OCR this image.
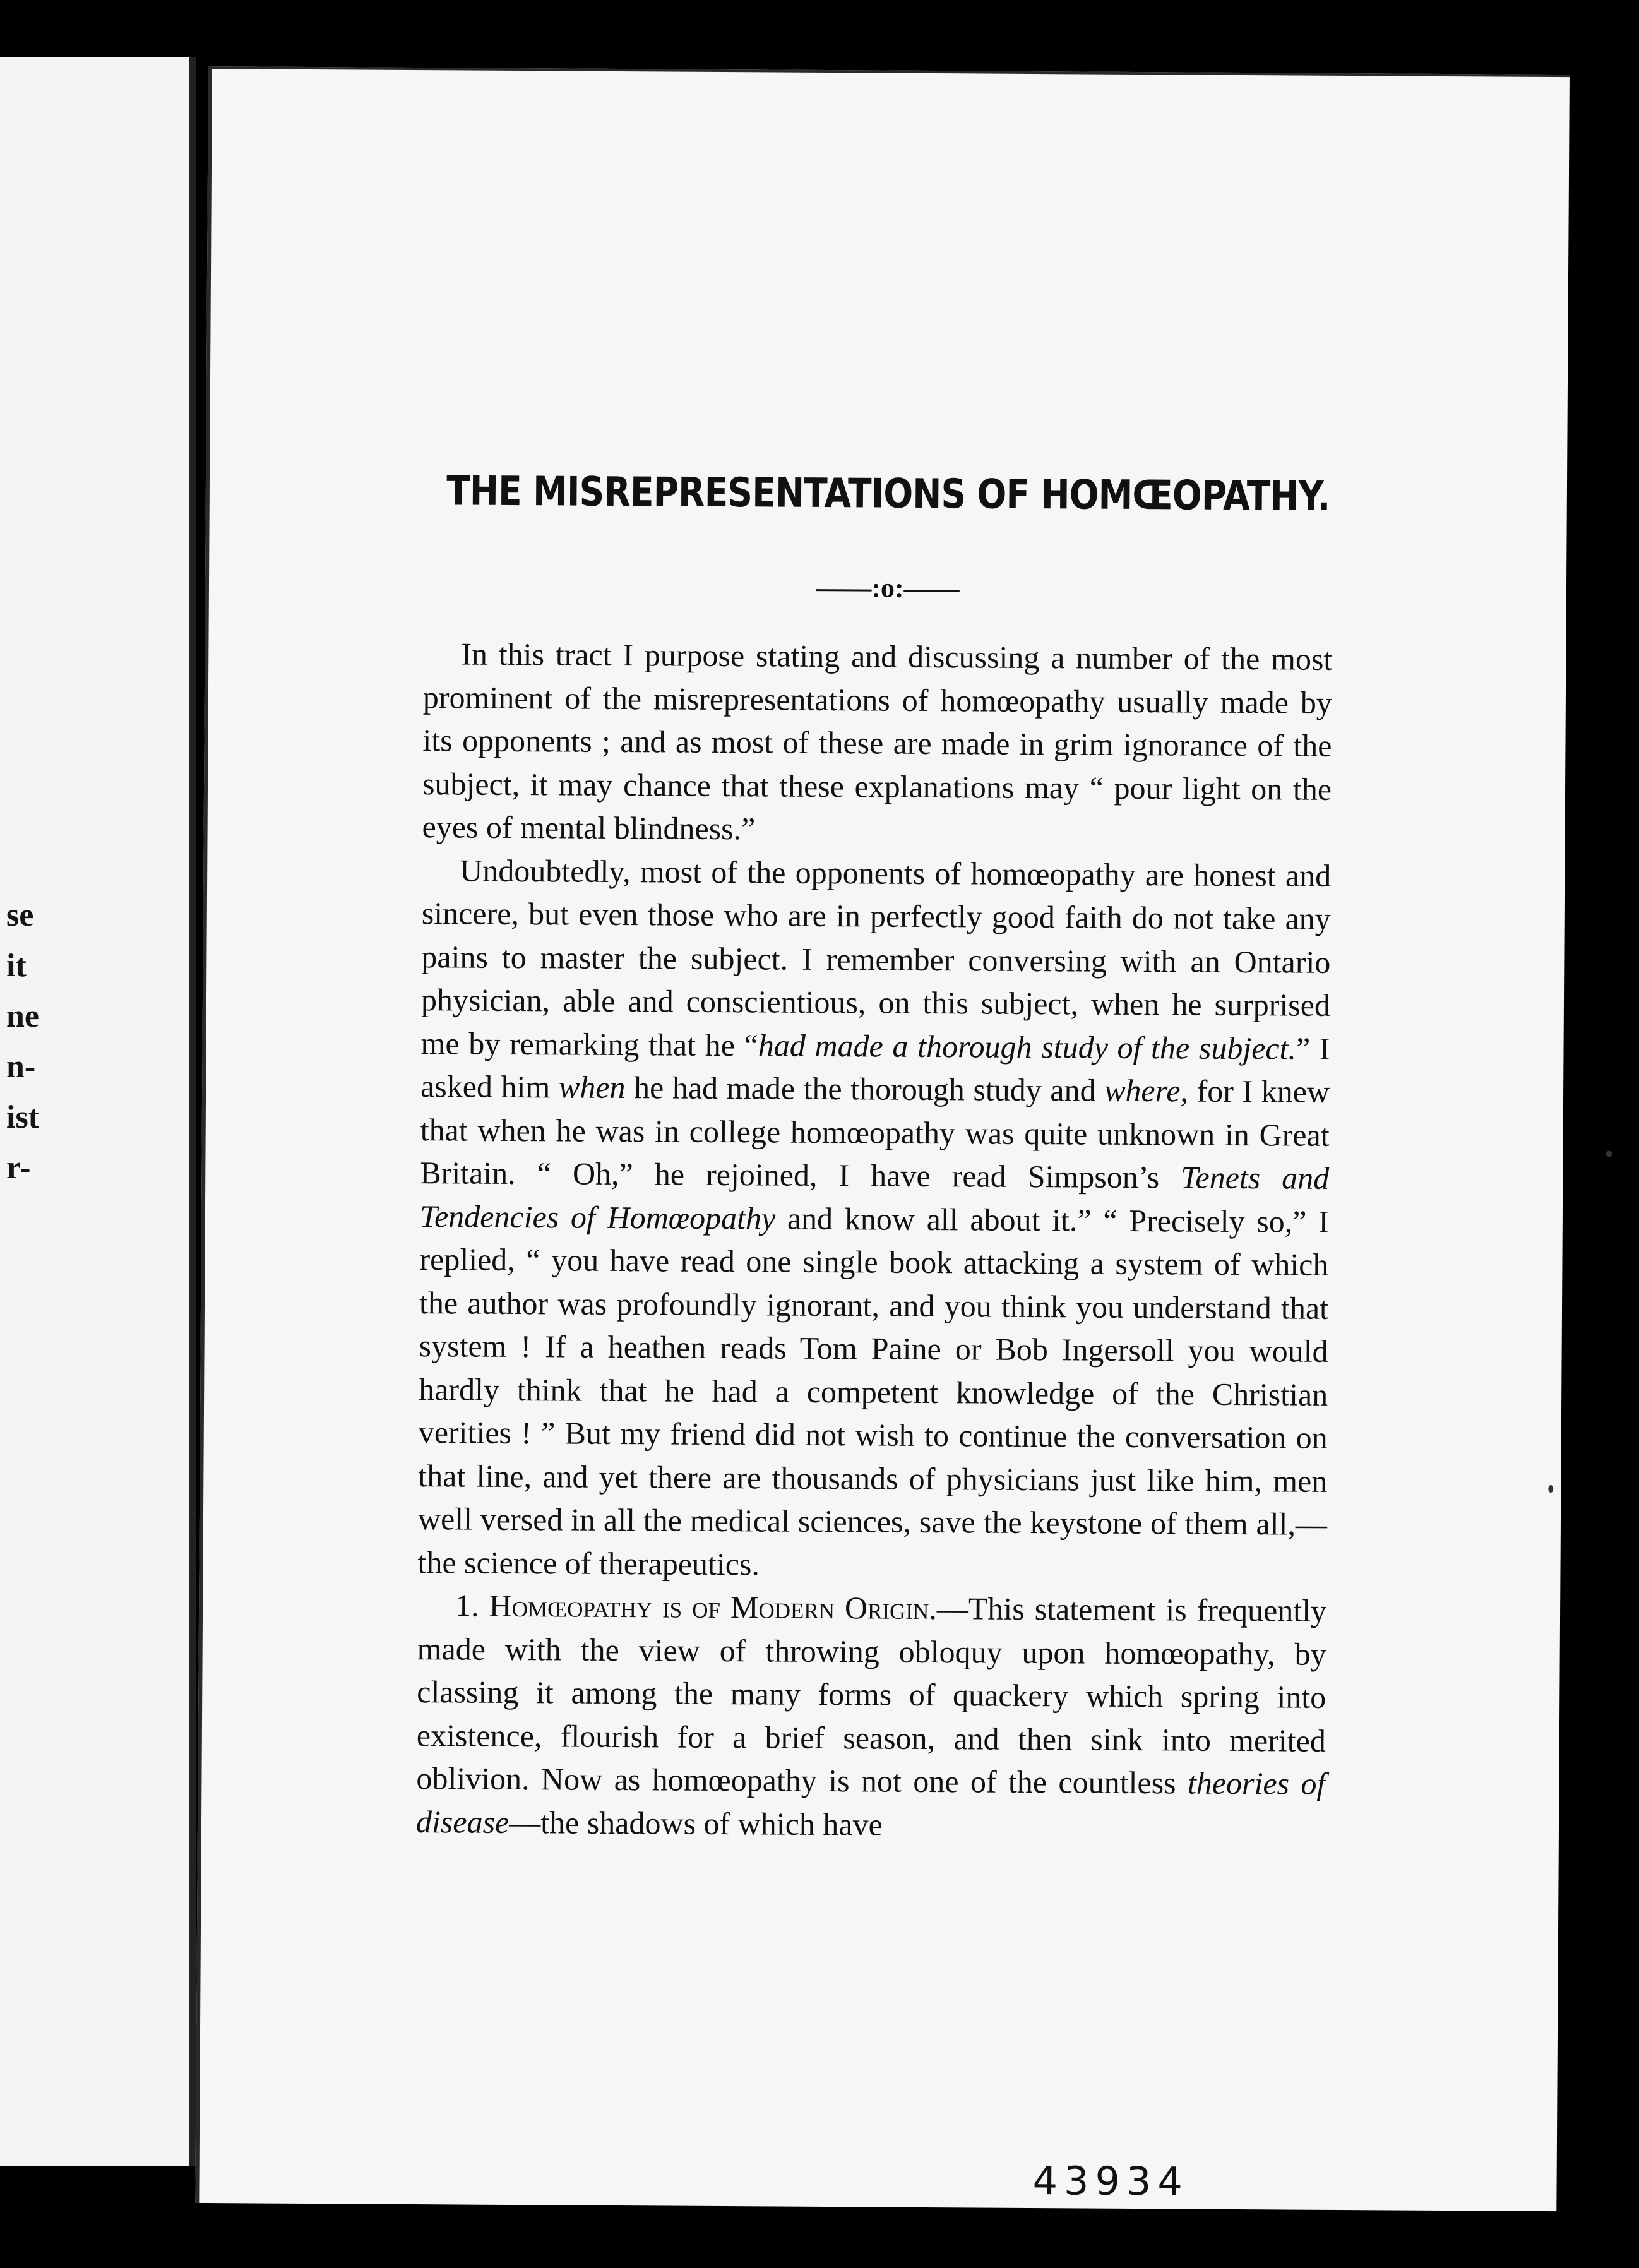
se
it
ne
n-
ist
r-
THE MISREPRESENTATIONS OF HOMŒOPATHY.
——:o:——

In this tract I purpose stating and discussing a number of the most prominent of the misrepresentations of homœopathy usually made by its opponents ; and as most of these are made in grim ignorance of the subject, it may chance that these explanations may “ pour light on the eyes of mental blindness.”

Undoubtedly, most of the opponents of homœopathy are honest and sincere, but even those who are in perfectly good faith do not take any pains to master the subject. I remember conversing with an Ontario physician, able and conscientious, on this subject, when he surprised me by remarking that he “had made a thorough study of the subject.” I asked him when he had made the thorough study and where, for I knew that when he was in college homœopathy was quite unknown in Great Britain. “ Oh,” he rejoined, I have read Simpson’s Tenets and Tendencies of Homœopathy and know all about it.” “ Precisely so,” I replied, “ you have read one single book attacking a system of which the author was profoundly ignorant, and you think you understand that system ! If a heathen reads Tom Paine or Bob Ingersoll you would hardly think that he had a competent knowledge of the Christian verities ! ” But my friend did not wish to continue the conversation on that line, and yet there are thousands of physicians just like him, men well versed in all the medical sciences, save the keystone of them all,—the science of therapeutics.

1. Homœopathy is of Modern Origin.—This statement is frequently made with the view of throwing obloquy upon homœopathy, by classing it among the many forms of quackery which spring into existence, flourish for a brief season, and then sink into merited oblivion. Now as homœopathy is not one of the countless theories of disease—the shadows of which have

43934
